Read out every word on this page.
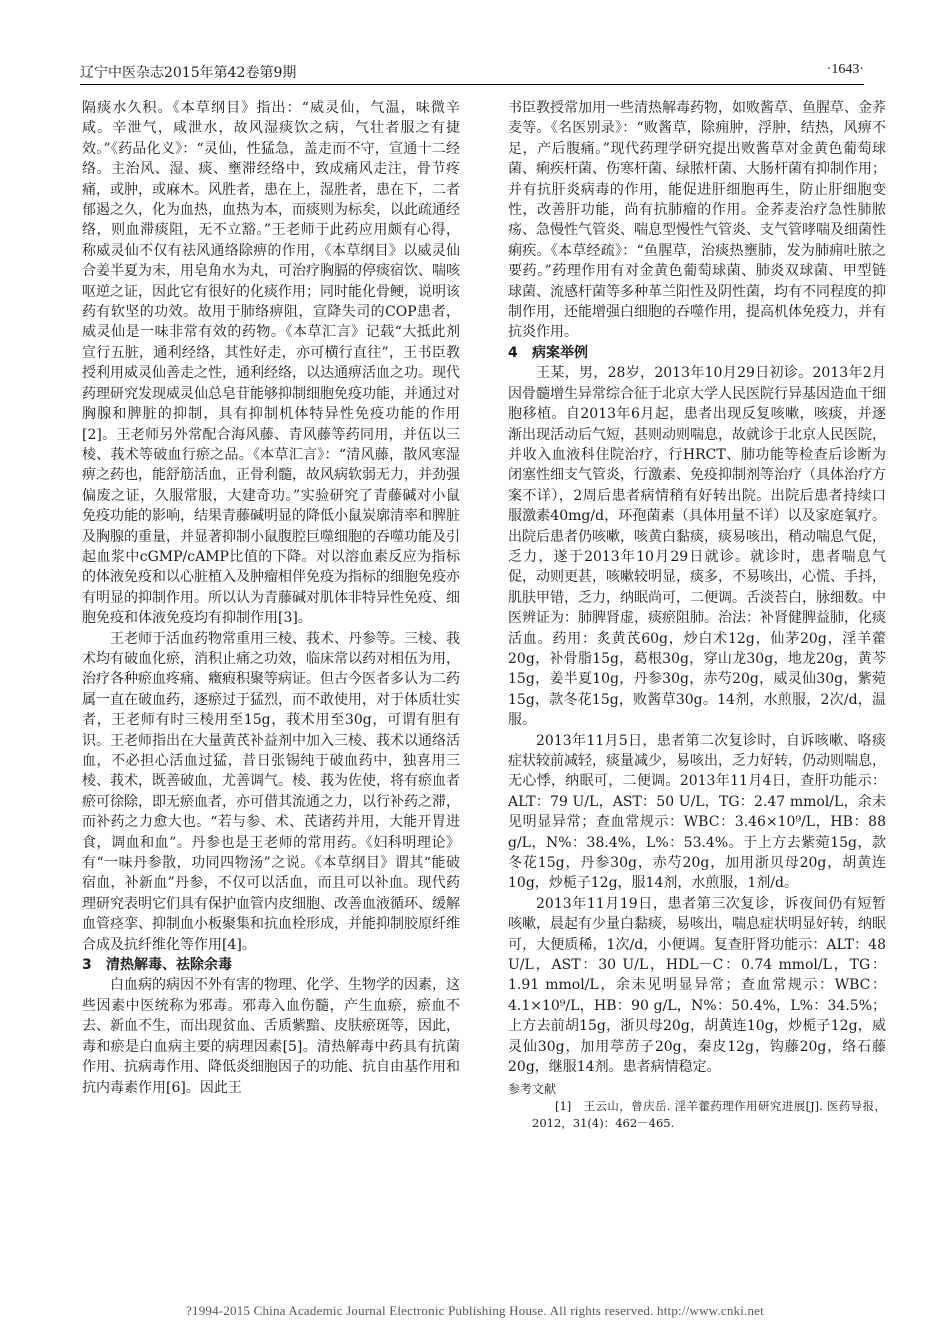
辽宁中医杂志2015年第42卷第9期	·1643·

隔痰水久积。《本草纲目》指出：“威灵仙，气温，味微辛咸。辛泄气，咸泄水，故风湿痰饮之病，气壮者服之有捷效。”《药品化义》：“灵仙，性猛急，盖走而不守，宣通十二经络。主治风、湿、痰、壅滞经络中，致成痛风走注，骨节疼痛，或肿，或麻木。风胜者，患在上，湿胜者，患在下，二者郁遏之久，化为血热，血热为本，而痰则为标矣，以此疏通经络，则血滞痰阻，无不立豁。”王老师于此药应用颇有心得，称威灵仙不仅有祛风通络除痹的作用，《本草纲目》以威灵仙合姜半夏为末，用皂角水为丸，可治疗胸膈的停痰宿饮、喘咳呕逆之证，因此它有很好的化痰作用；同时能化骨鲠，说明该药有软坚的功效。故用于肺络痹阻，宣降失司的COP患者，威灵仙是一味非常有效的药物。《本草汇言》记载“大抵此剂宣行五脏，通利经络，其性好走，亦可横行直往”，王书臣教授利用威灵仙善走之性，通利经络，以达通痹活血之功。现代药理研究发现威灵仙总皂苷能够抑制细胞免疫功能，并通过对胸腺和脾脏的抑制，具有抑制机体特异性免疫功能的作用[2]。王老师另外常配合海风藤、青风藤等药同用，并伍以三棱、莪术等破血行瘀之品。《本草汇言》：“清风藤，散风寒湿痹之药也，能舒筋活血，正骨利髓，故风病软弱无力，并劲强偏废之证，久服常服，大建奇功。”实验研究了青藤碱对小鼠免疫功能的影响，结果青藤碱明显的降低小鼠炭廓清率和脾脏及胸腺的重量，并显著抑制小鼠腹腔巨噬细胞的吞噬功能及引起血浆中cGMP/cAMP比值的下降。对以溶血素反应为指标的体液免疫和以心脏植入及肿瘤相伴免疫为指标的细胞免疫亦有明显的抑制作用。所以认为青藤碱对肌体非特异性免疫、细胞免疫和体液免疫均有抑制作用[3]。

王老师于活血药物常重用三棱、莪术、丹参等。三棱、莪术均有破血化瘀，消积止痛之功效，临床常以药对相伍为用，治疗各种瘀血疼痛、癥瘕积聚等病证。但古今医者多认为二药属一直在破血药，逐瘀过于猛烈，而不敢使用，对于体质壮实者，王老师有时三棱用至15g，莪术用至30g，可谓有胆有识。王老师指出在大量黄芪补益剂中加入三棱、莪术以通络活血，不必担心活血过猛，昔日张锡纯于破血药中，独喜用三棱、莪术，既善破血，尤善调气。棱、莪为佐使，将有瘀血者瘀可徐除，即无瘀血者，亦可借其流通之力，以行补药之滞，而补药之力愈大也。“若与参、术、芪诸药并用，大能开胃进食，调血和血”。丹参也是王老师的常用药。《妇科明理论》有“一味丹参散，功同四物汤”之说。《本草纲目》谓其“能破宿血，补新血”丹参，不仅可以活血，而且可以补血。现代药理研究表明它们具有保护血管内皮细胞、改善血液循环、缓解血管痉挛、抑制血小板聚集和抗血栓形成，并能抑制胶原纤维合成及抗纤维化等作用[4]。

3 清热解毒、祛除余毒

白血病的病因不外有害的物理、化学、生物学的因素，这些因素中医统称为邪毒。邪毒入血伤髓，产生血瘀，瘀血不去、新血不生，而出现贫血、舌质紫黯、皮肤瘀斑等，因此，毒和瘀是白血病主要的病理因素[5]。清热解毒中药具有抗菌作用、抗病毒作用、降低炎细胞因子的功能、抗自由基作用和抗内毒素作用[6]。因此王

书臣教授常加用一些清热解毒药物，如败酱草、鱼腥草、金荞麦等。《名医别录》：“败酱草，除痈肿，浮肿，结热，风痹不足，产后腹痛。”现代药理学研究提出败酱草对金黄色葡萄球菌、痢疾杆菌、伤寒杆菌、绿脓杆菌、大肠杆菌有抑制作用；并有抗肝炎病毒的作用，能促进肝细胞再生，防止肝细胞变性，改善肝功能，尚有抗肺瘤的作用。金荞麦治疗急性肺脓疡、急慢性气管炎、喘息型慢性气管炎、支气管哮喘及细菌性痢疾。《本草经疏》：“鱼腥草，治痰热壅肺，发为肺痈吐脓之要药。”药理作用有对金黄色葡萄球菌、肺炎双球菌、甲型链球菌、流感杆菌等多种革兰阳性及阴性菌，均有不同程度的抑制作用，还能增强白细胞的吞噬作用，提高机体免疫力，并有抗炎作用。

4 病案举例

王某，男，28岁，2013年10月29日初诊。2013年2月因骨髓增生异常综合征于北京大学人民医院行异基因造血干细胞移植。自2013年6月起，患者出现反复咳嗽，咳痰，并逐渐出现活动后气短，甚则动则喘息，故就诊于北京人民医院，并收入血液科住院治疗，行HRCT、肺功能等检查后诊断为闭塞性细支气管炎，行激素、免疫抑制剂等治疗（具体治疗方案不详），2周后患者病情稍有好转出院。出院后患者持续口服激素40mg/d，环孢菌素（具体用量不详）以及家庭氧疗。出院后患者仍咳嗽，咳黄白黏痰，痰易咳出，稍动喘息气促，乏力，遂于2013年10月29日就诊。就诊时，患者喘息气促，动则更甚，咳嗽较明显，痰多，不易咳出，心慌、手抖，肌肤甲错，乏力，纳眠尚可，二便调。舌淡苔白，脉细数。中医辨证为：肺脾肾虚，痰瘀阻肺。治法：补肾健脾益肺，化痰活血。药用：炙黄芪60g，炒白术12g，仙茅20g，淫羊藿20g，补骨脂15g，葛根30g，穿山龙30g，地龙20g，黄芩15g，姜半夏10g，丹参30g，赤芍20g，威灵仙30g，紫菀15g，款冬花15g，败酱草30g。14剂，水煎服，2次/d，温服。

2013年11月5日，患者第二次复诊时，自诉咳嗽、咯痰症状较前减轻，痰量减少，易咳出，乏力好转，仍动则喘息，无心悸，纳眠可，二便调。2013年11月4日，查肝功能示：ALT：79 U/L，AST：50 U/L，TG：2.47 mmol/L，余未见明显异常；查血常规示：WBC：3.46×10⁹/L，HB：88 g/L，N%：38.4%，L%：53.4%。于上方去紫菀15g，款冬花15g，丹参30g，赤芍20g，加用浙贝母20g，胡黄连10g，炒栀子12g，服14剂，水煎服，1剂/d。

2013年11月19日，患者第三次复诊，诉夜间仍有短暂咳嗽，晨起有少量白黏痰，易咳出，喘息症状明显好转，纳眠可，大便质稀，1次/d，小便调。复查肝肾功能示：ALT：48 U/L，AST：30 U/L，HDL－C：0.74 mmol/L，TG：1.91 mmol/L，余未见明显异常；查血常规示：WBC：4.1×10⁹/L，HB：90 g/L，N%：50.4%，L%：34.5%；上方去前胡15g，浙贝母20g，胡黄连10g，炒栀子12g，威灵仙30g，加用葶苈子20g，秦皮12g，钩藤20g，络石藤20g，继服14剂。患者病情稳定。

参考文献

[1]　王云山，曾庆岳. 淫羊藿药理作用研究进展[J]. 医药导报，2012，31(4)：462－465.

?1994-2015 China Academic Journal Electronic Publishing House. All rights reserved. http://www.cnki.net
